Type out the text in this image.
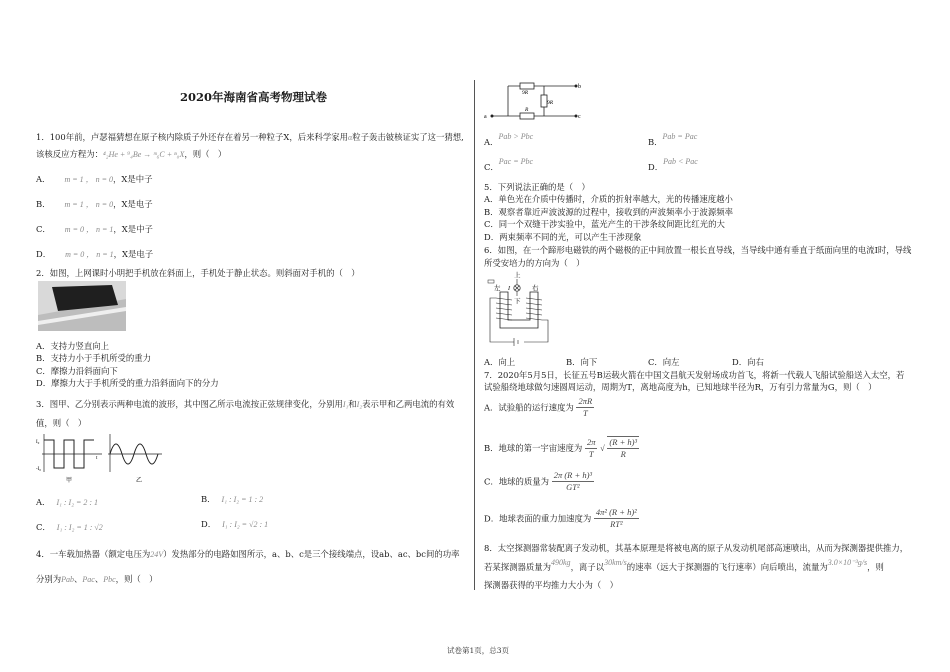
2020年海南省高考物理试卷
1．100年前，卢瑟福猜想在原子核内除质子外还存在着另一种粒子X，后来科学家用α粒子轰击铍核证实了这一猜想,
该核反应方程为：⁴₂He + ⁹₄Be → ᵐ₆C + ⁿ₀X，则（　）
A． m = 1 ， n = 0，X是中子
B． m = 1 ， n = 0，X是电子
C． m = 0 ， n = 1，X是中子
D． m = 0 ， n = 1，X是电子
2．如图，上网课时小明把手机放在斜面上，手机处于静止状态。则斜面对手机的（　）
A．支持力竖直向上
B．支持力小于手机所受的重力
C．摩擦力沿斜面向下
D．摩擦力大于手机所受的重力沿斜面向下的分力
3．图甲、乙分别表示两种电流的波形，其中图乙所示电流按正弦规律变化，分别用I₁和I₂表示甲和乙两电流的有效
值，则（　）
I₀
-I₀
t
甲	乙
A． I₁ : I₂ = 2 : 1	B． I₁ : I₂ = 1 : 2
C． I₁ : I₂ = 1 : √2	D． I₁ : I₂ = √2 : 1
4．一车载加热器（额定电压为24V）发热部分的电路如图所示，a、b、c是三个接线端点，设ab、ac、bc间的功率
分别为Pab、Pac、Pbc，则（　）
9R
9R
R
a
b
c
A．Pab > Pbc
B．Pab = Pac
C．Pac = Pbc
D．Pab < Pac
5．下列说法正确的是（　）
A．单色光在介质中传播时，介质的折射率越大，光的传播速度越小
B．观察者靠近声波波源的过程中，接收到的声波频率小于波源频率
C．同一个双缝干涉实验中，蓝光产生的干涉条纹间距比红光的大
D．两束频率不同的光，可以产生干涉现象
6．如图，在一个蹄形电磁铁的两个磁极的正中间放置一根长直导线，当导线中通有垂直于纸面向里的电流I时，导线
所受安培力的方向为（　）
上
下
左	右
I
A．向上	B．向下	C．向左	D．向右
7．2020年5月5日，长征五号B运载火箭在中国文昌航天发射场成功首飞，将新一代载人飞船试验船送入太空，若
试验船绕地球做匀速圆周运动，周期为T，离地高度为h，已知地球半径为R，万有引力常量为G，则（　）
A．试验船的运行速度为 $\frac{2\pi R}{T}$
B．地球的第一宇宙速度为 $\frac{2\pi}{T}$ √ $\frac{\text{(R + h)³}}{R}$
C．地球的质量为 $\frac{\text{2π (R + h)³}}{\text{GT²}}$
D．地球表面的重力加速度为 $\frac{\text{4π² (R + h)²}}{\text{RT²}}$
8．太空探测器常装配离子发动机，其基本原理是将被电离的原子从发动机尾部高速喷出，从而为探测器提供推力，
若某探测器质量为490kg，离子以30km/s的速率（远大于探测器的飞行速率）向后喷出，流量为3.0×10⁻³g/s，则
探测器获得的平均推力大小为（　）
试卷第1页，总3页
